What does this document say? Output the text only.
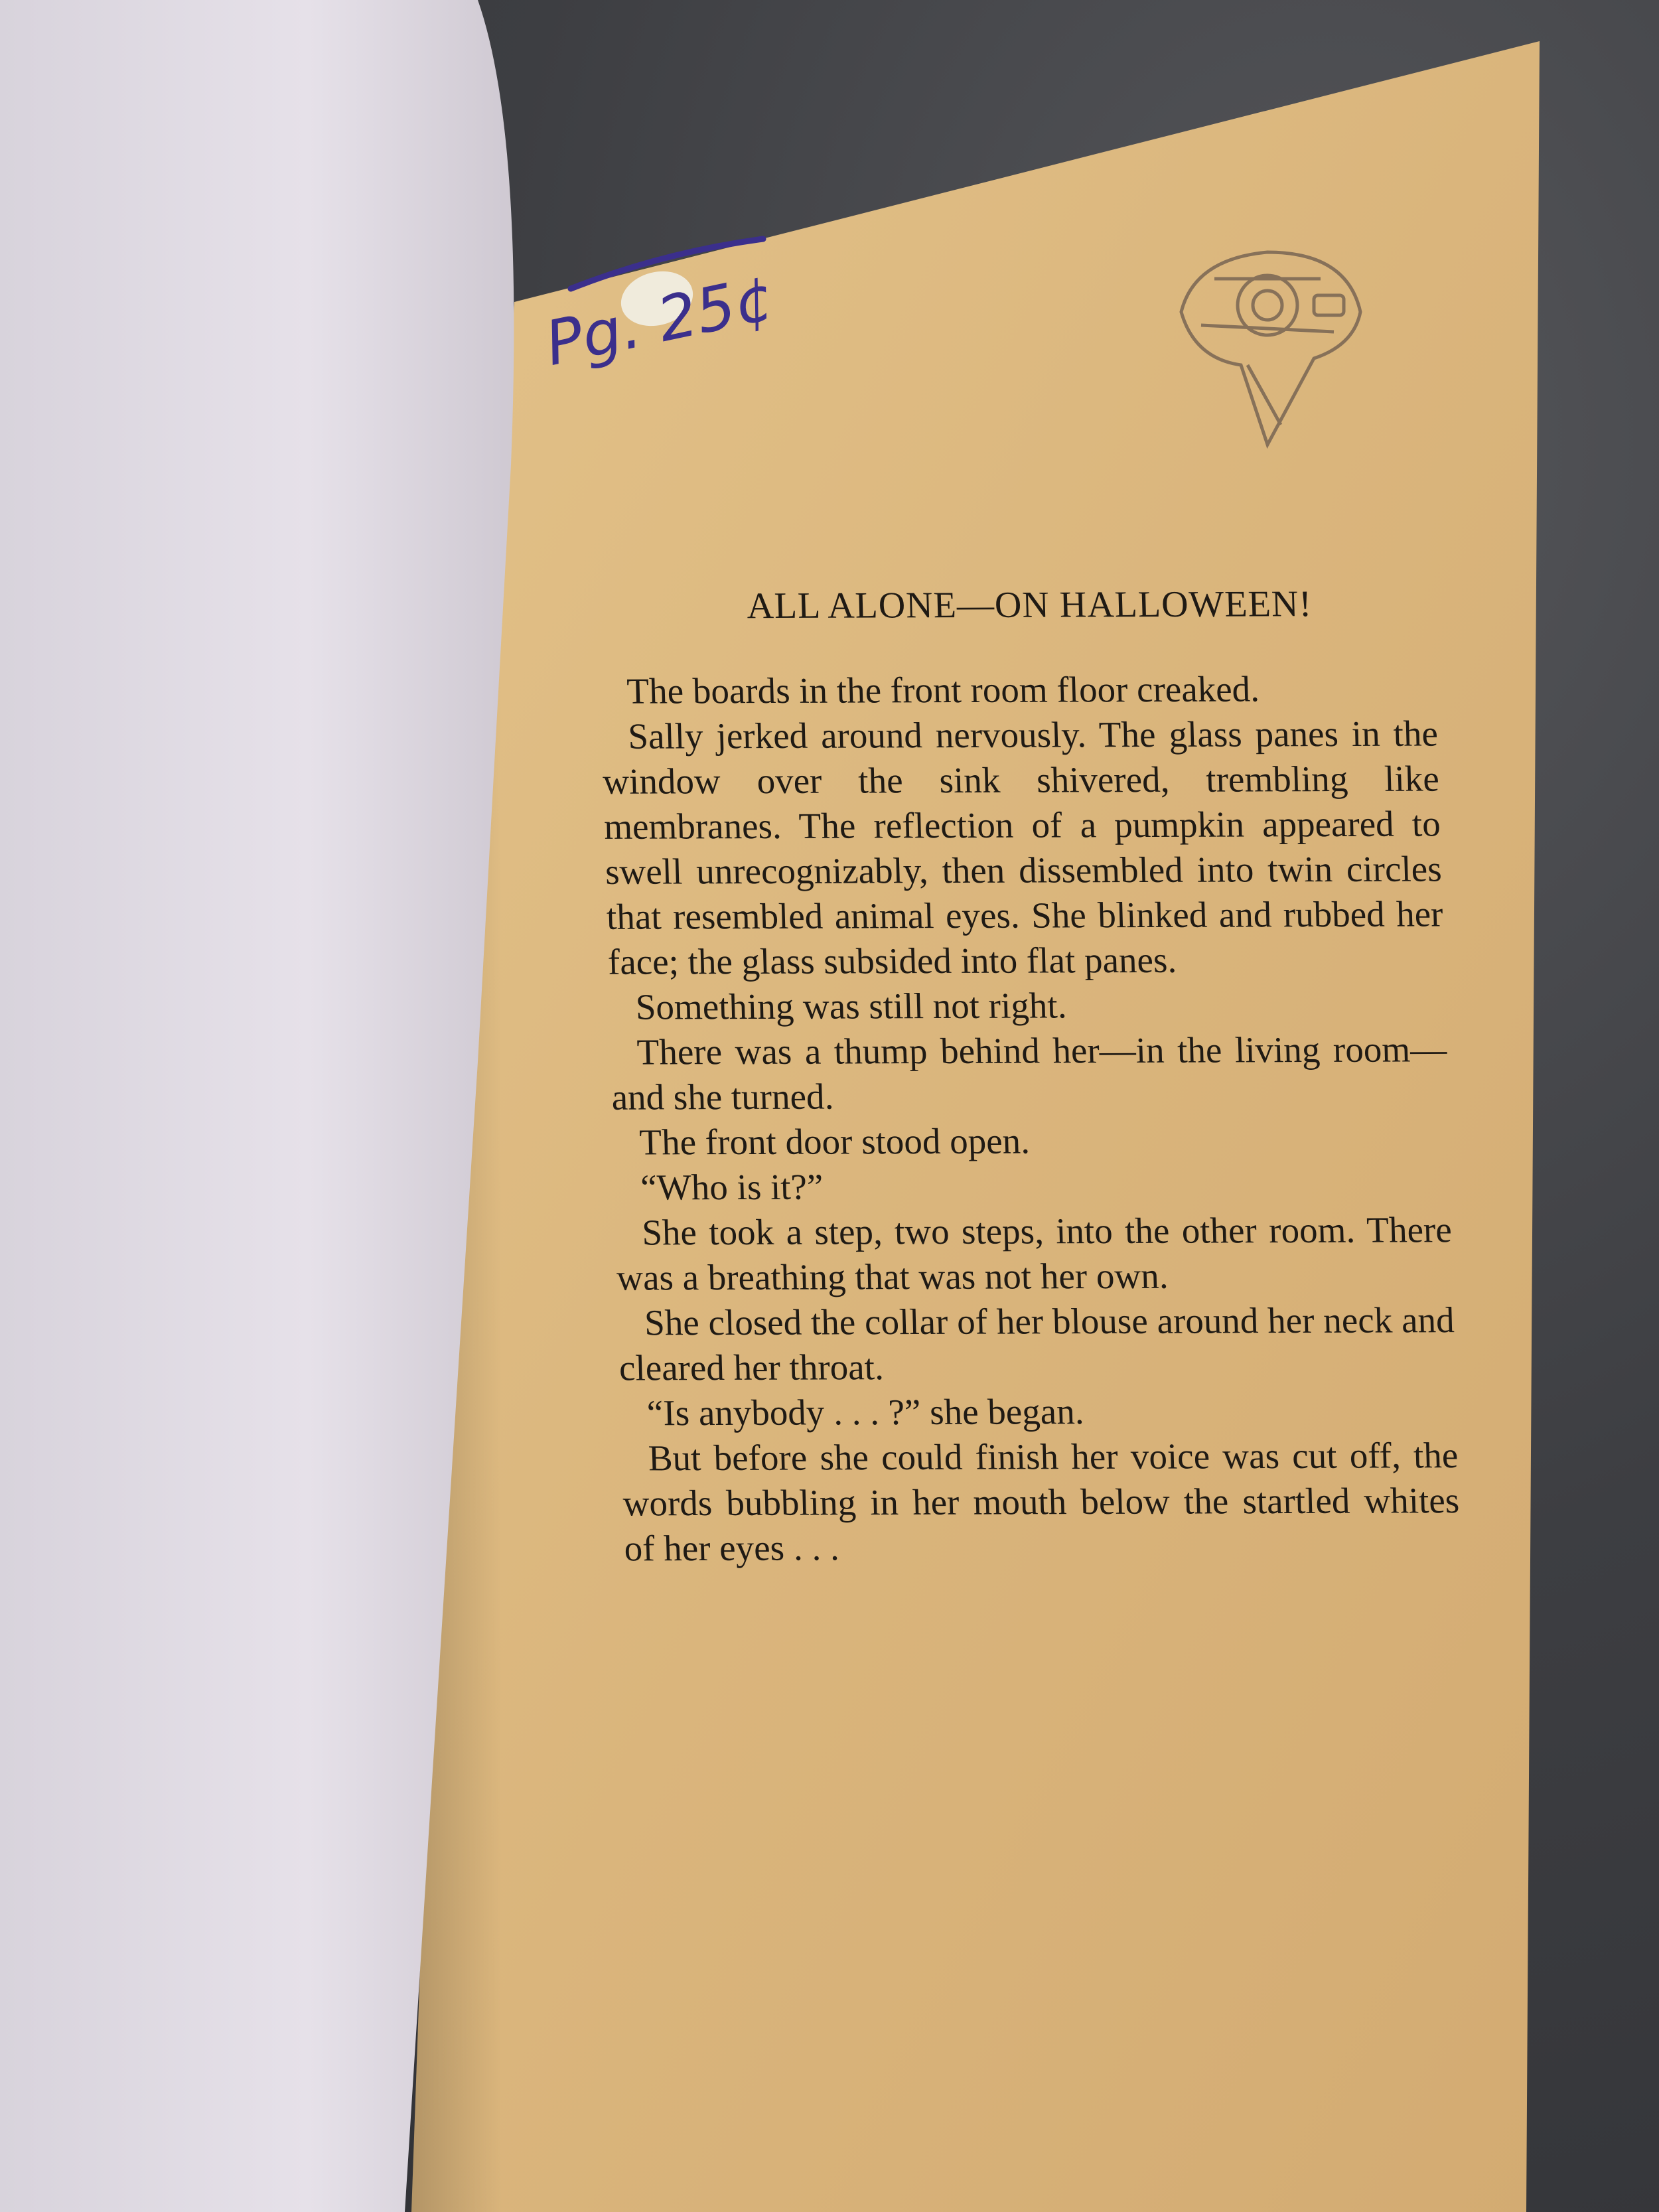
Pg. 25¢
ALL ALONE—ON HALLOWEEN!

The boards in the front room floor creaked.

Sally jerked around nervously. The glass panes in the window over the sink shivered, trembling like membranes. The reflection of a pumpkin appeared to swell unrecognizably, then dissembled into twin circles that resembled animal eyes. She blinked and rubbed her face; the glass subsided into flat panes.

Something was still not right.

There was a thump behind her—in the living room—and she turned.

The front door stood open.

“Who is it?”

She took a step, two steps, into the other room. There was a breathing that was not her own.

She closed the collar of her blouse around her neck and cleared her throat.

“Is anybody . . . ?” she began.

But before she could finish her voice was cut off, the words bubbling in her mouth below the startled whites of her eyes . . .
